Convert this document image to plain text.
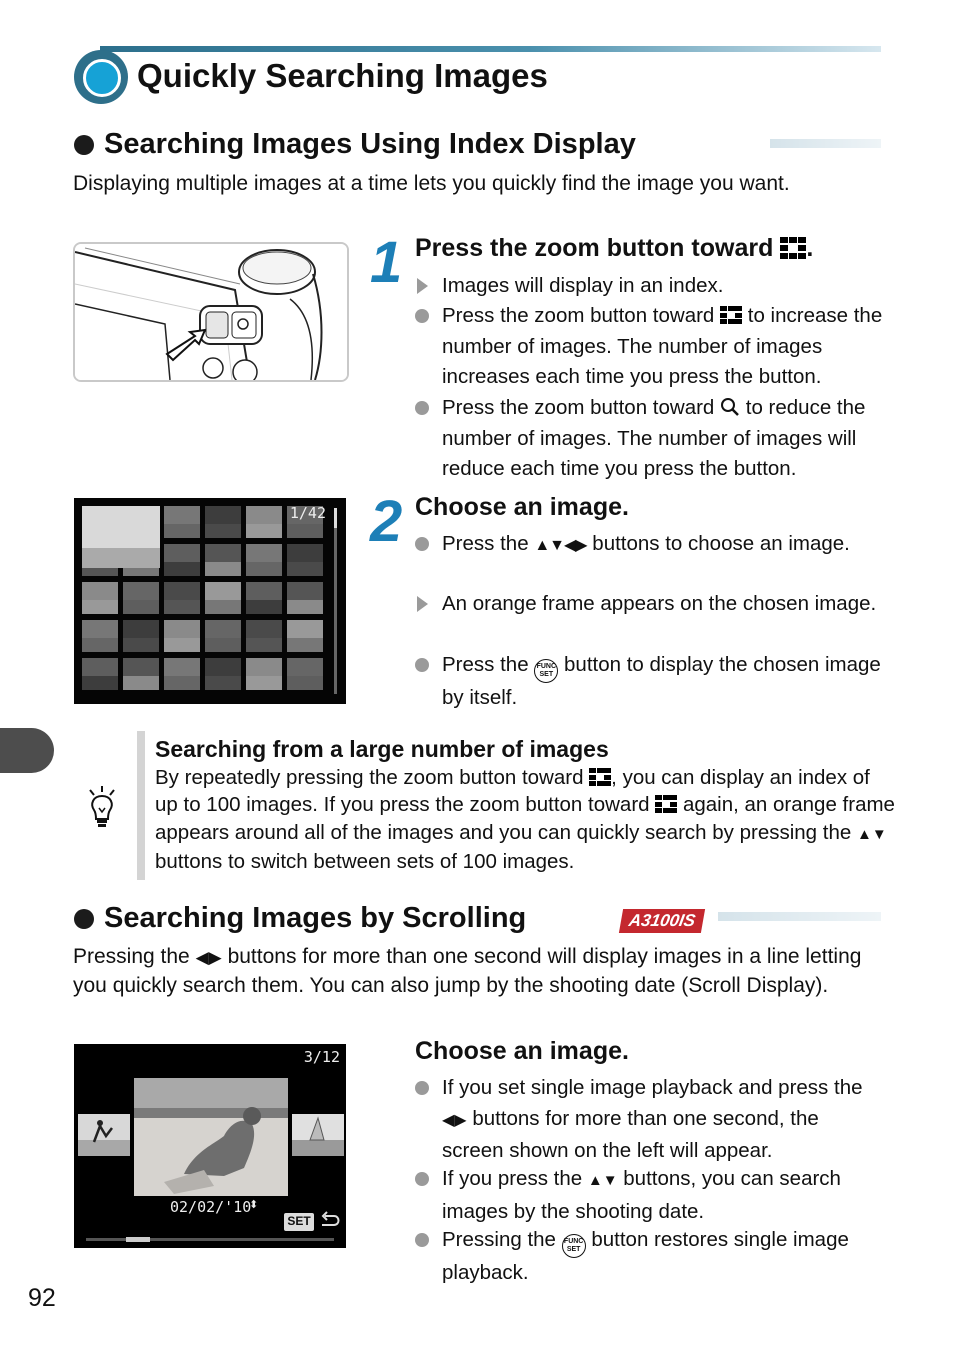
Quickly Searching Images
Searching Images Using Index Display
Displaying multiple images at a time lets you quickly find the image you want.
1 Press the zoom button toward .
Images will display in an index.
Press the zoom button toward to increase the number of images. The number of images increases each time you press the button.
Press the zoom button toward to reduce the number of images. The number of images will reduce each time you press the button.
1/42 2 Choose an image.
Press the ▲▼◀▶ buttons to choose an image.
An orange frame appears on the chosen image.
Press the FUNC
SET button to display the chosen image by itself.
Searching from a large number of images
By repeatedly pressing the zoom button toward , you can display an index of up to 100 images. If you press the zoom button toward again, an orange frame appears around all of the images and you can quickly search by pressing the ▲▼ buttons to switch between sets of 100 images.
Searching Images by Scrolling	A3100IS
Pressing the ◀▶ buttons for more than one second will display images in a line letting you quickly search them. You can also jump by the shooting date (Scroll Display).
3/12
02/02/'10
⬍
SET
Choose an image.
If you set single image playback and press the ◀▶ buttons for more than one second, the screen shown on the left will appear.
If you press the ▲▼ buttons, you can search images by the shooting date.
Pressing the FUNC
SET button restores single image playback.
92
